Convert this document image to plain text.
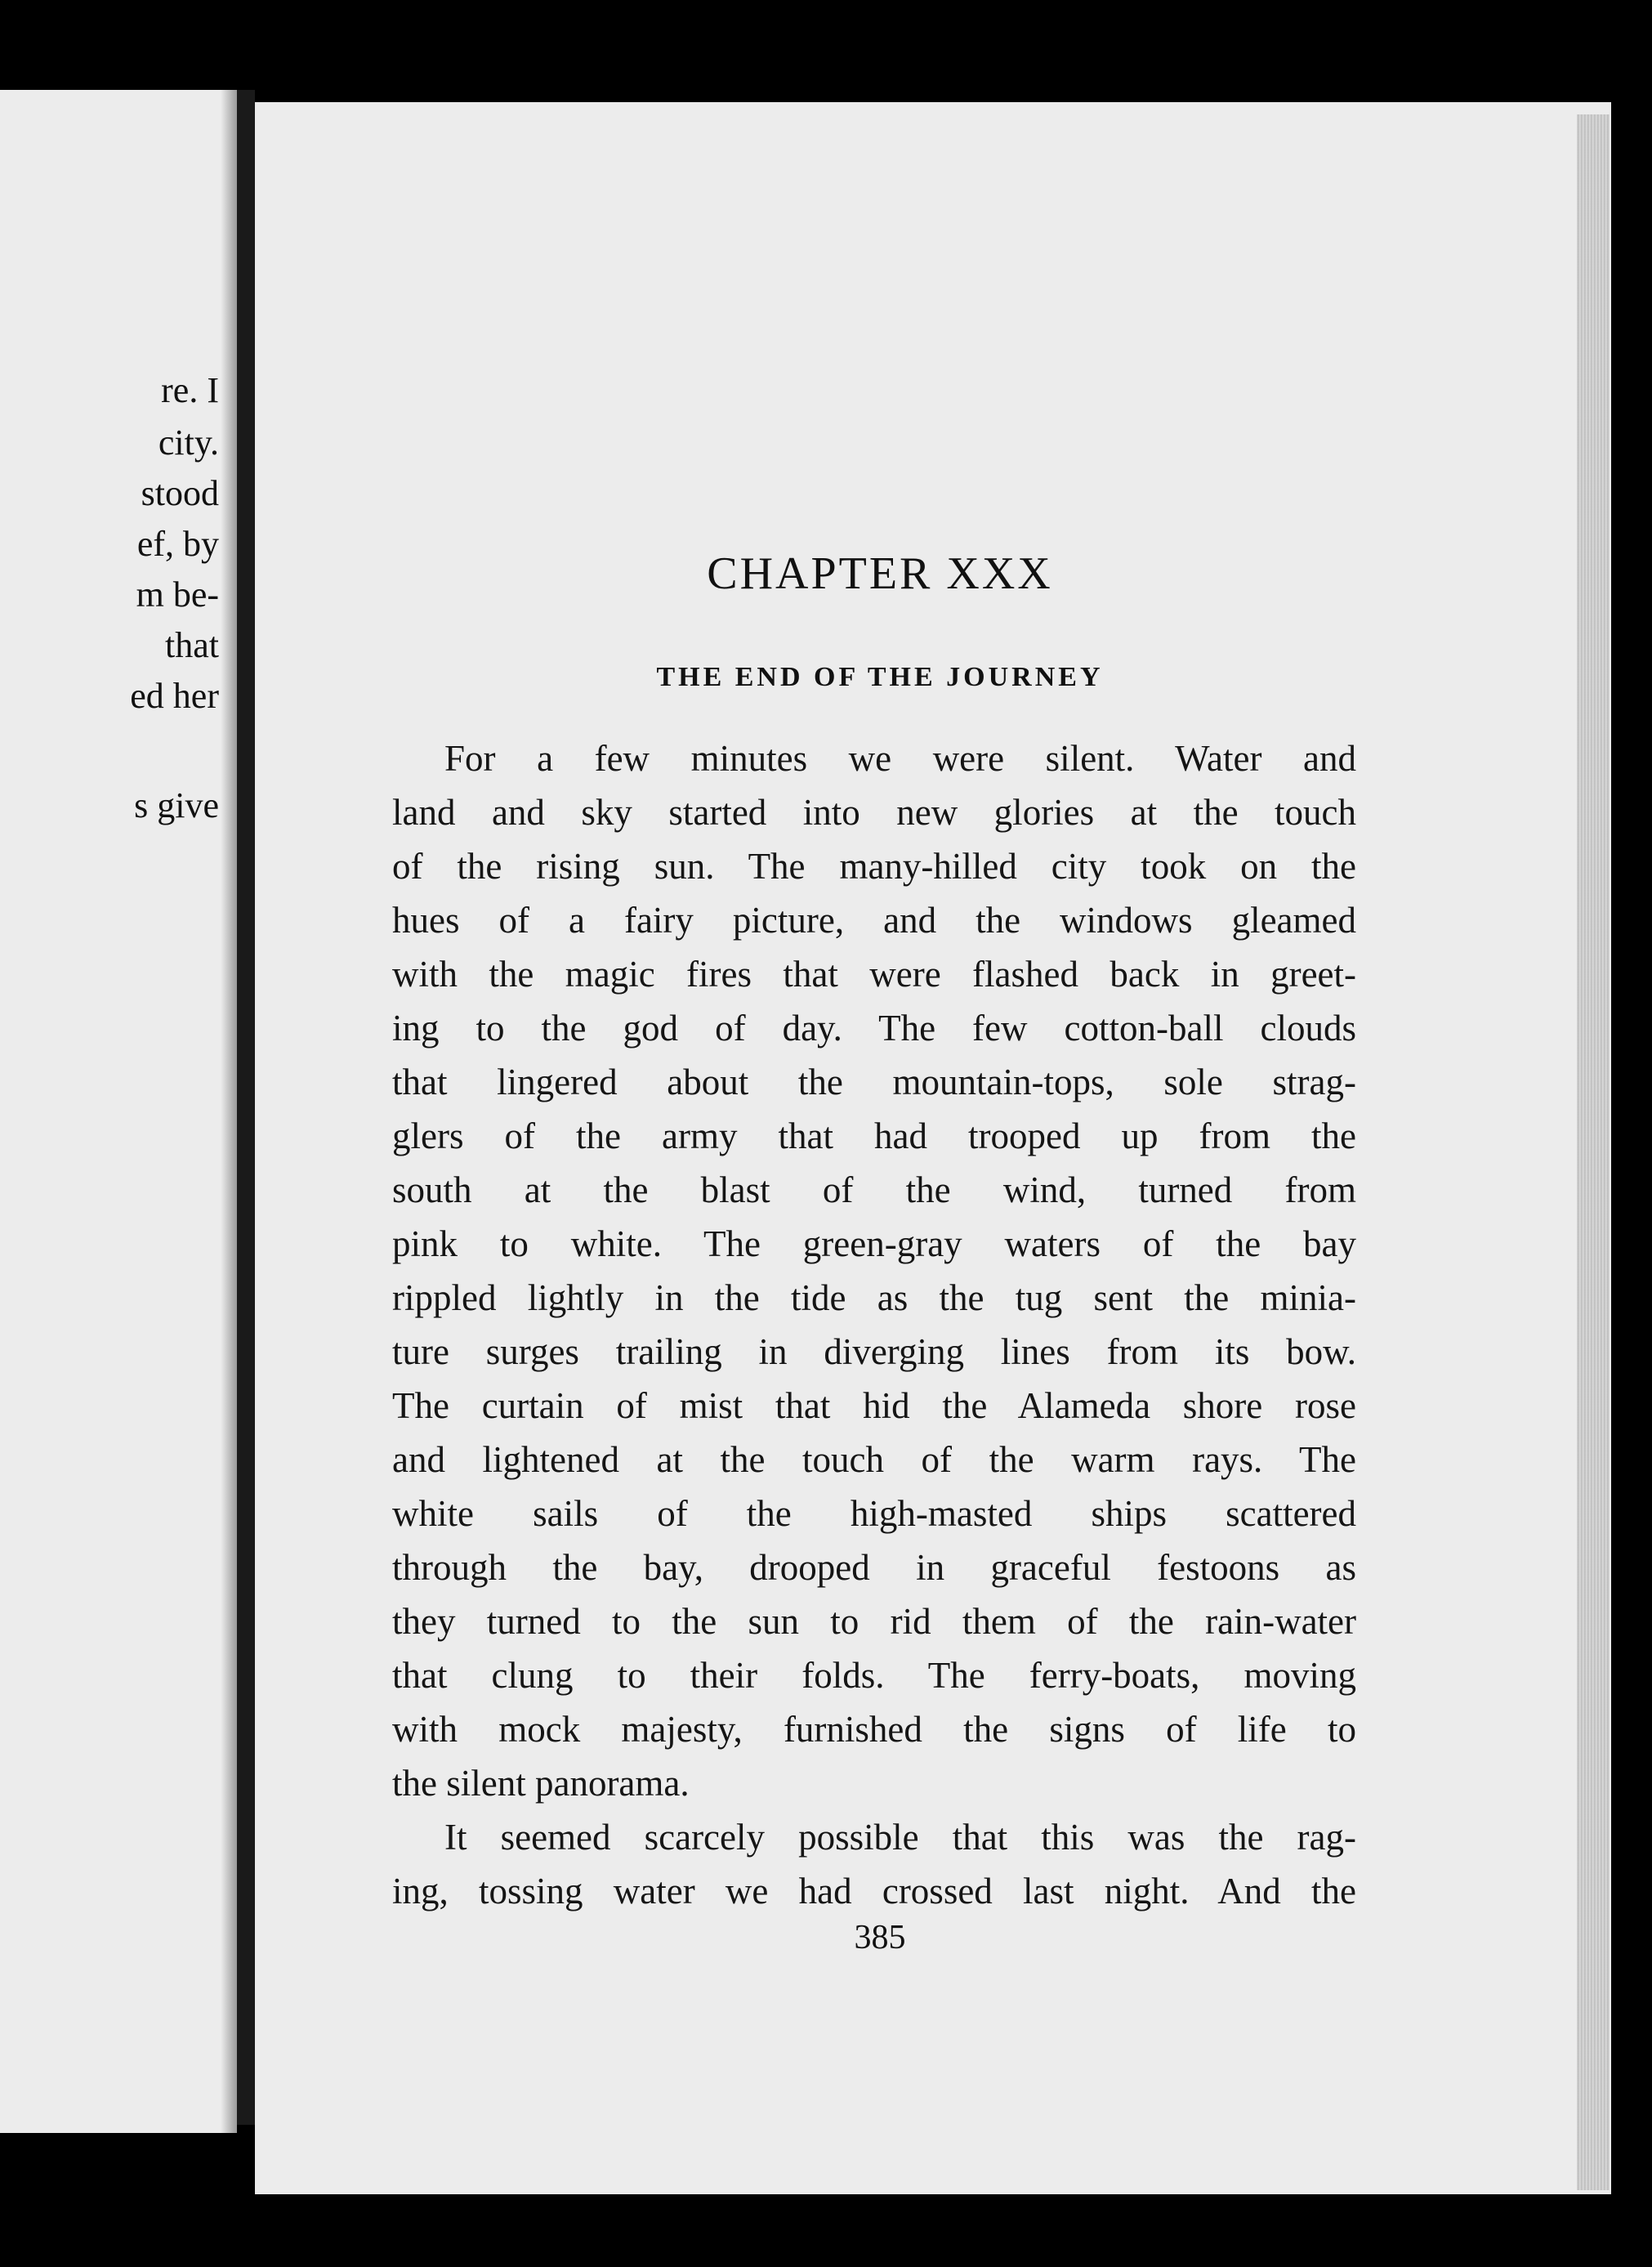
re. I
city.
stood
ef, by
m be-
that
ed her
s give
CHAPTER XXX
THE END OF THE JOURNEY
For a few minutes we were silent. Water and
land and sky started into new glories at the touch
of the rising sun. The many-hilled city took on the
hues of a fairy picture, and the windows gleamed
with the magic fires that were flashed back in greet-
ing to the god of day. The few cotton-ball clouds
that lingered about the mountain-tops, sole strag-
glers of the army that had trooped up from the
south at the blast of the wind, turned from
pink to white. The green-gray waters of the bay
rippled lightly in the tide as the tug sent the minia-
ture surges trailing in diverging lines from its bow.
The curtain of mist that hid the Alameda shore rose
and lightened at the touch of the warm rays. The
white sails of the high-masted ships scattered
through the bay, drooped in graceful festoons as
they turned to the sun to rid them of the rain-water
that clung to their folds. The ferry-boats, moving
with mock majesty, furnished the signs of life to
the silent panorama.
It seemed scarcely possible that this was the rag-
ing, tossing water we had crossed last night. And the
385
